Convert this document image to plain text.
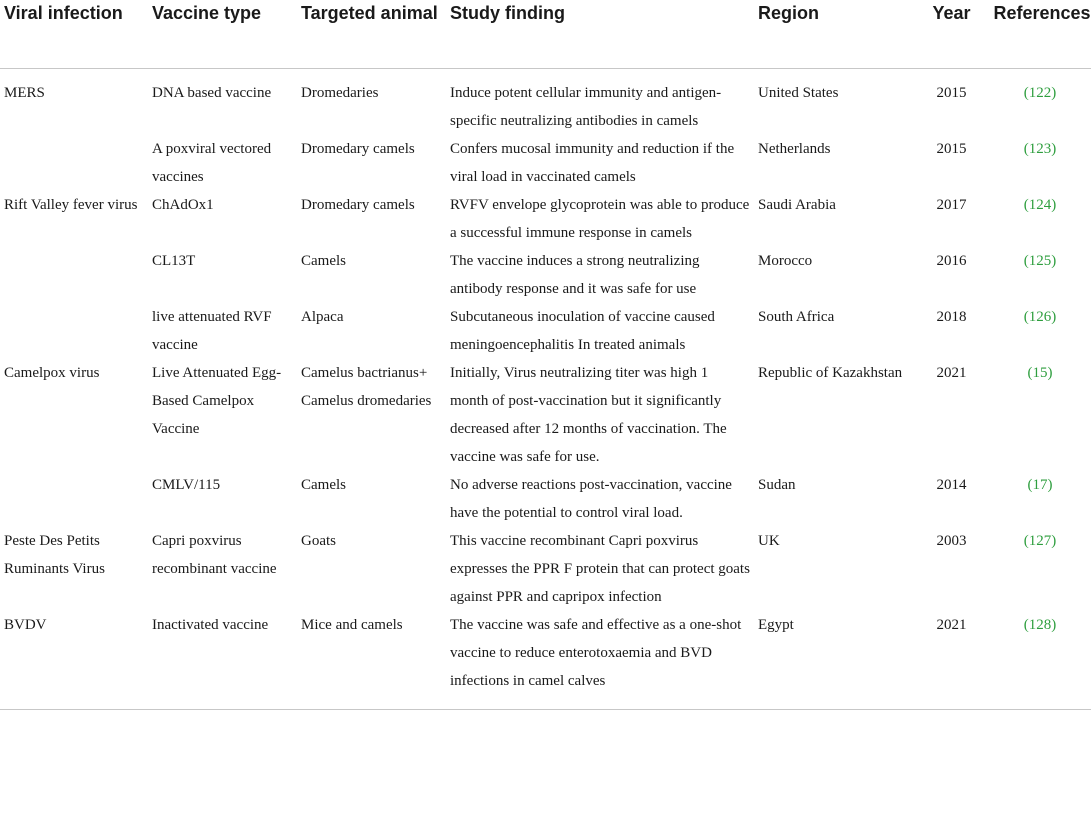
Viral infection	Vaccine type	Targeted animal	Study finding	Region	Year	References
MERS	DNA based vaccine	Dromedaries	Induce potent cellular immunity and antigen-specific neutralizing antibodies in camels	United States	2015	(122)
	A poxviral vectored vaccines	Dromedary camels	Confers mucosal immunity and reduction if the viral load in vaccinated camels	Netherlands	2015	(123)
Rift Valley fever virus	ChAdOx1	Dromedary camels	RVFV envelope glycoprotein was able to produce a successful immune response in camels	Saudi Arabia	2017	(124)
	CL13T	Camels	The vaccine induces a strong neutralizing antibody response and it was safe for use	Morocco	2016	(125)
	live attenuated RVF vaccine	Alpaca	Subcutaneous inoculation of vaccine caused meningoencephalitis In treated animals	South Africa	2018	(126)
Camelpox virus	Live Attenuated Egg-Based Camelpox Vaccine	Camelus bactrianus+ Camelus dromedaries	Initially, Virus neutralizing titer was high 1 month of post-vaccination but it significantly decreased after 12 months of vaccination. The vaccine was safe for use.	Republic of Kazakhstan	2021	(15)
	CMLV/115	Camels	No adverse reactions post-vaccination, vaccine have the potential to control viral load.	Sudan	2014	(17)
Peste Des Petits Ruminants Virus	Capri poxvirus recombinant vaccine	Goats	This vaccine recombinant Capri poxvirus expresses the PPR F protein that can protect goats against PPR and capripox infection	UK	2003	(127)
BVDV	Inactivated vaccine	Mice and camels	The vaccine was safe and effective as a one-shot vaccine to reduce enterotoxaemia and BVD infections in camel calves	Egypt	2021	(128)
